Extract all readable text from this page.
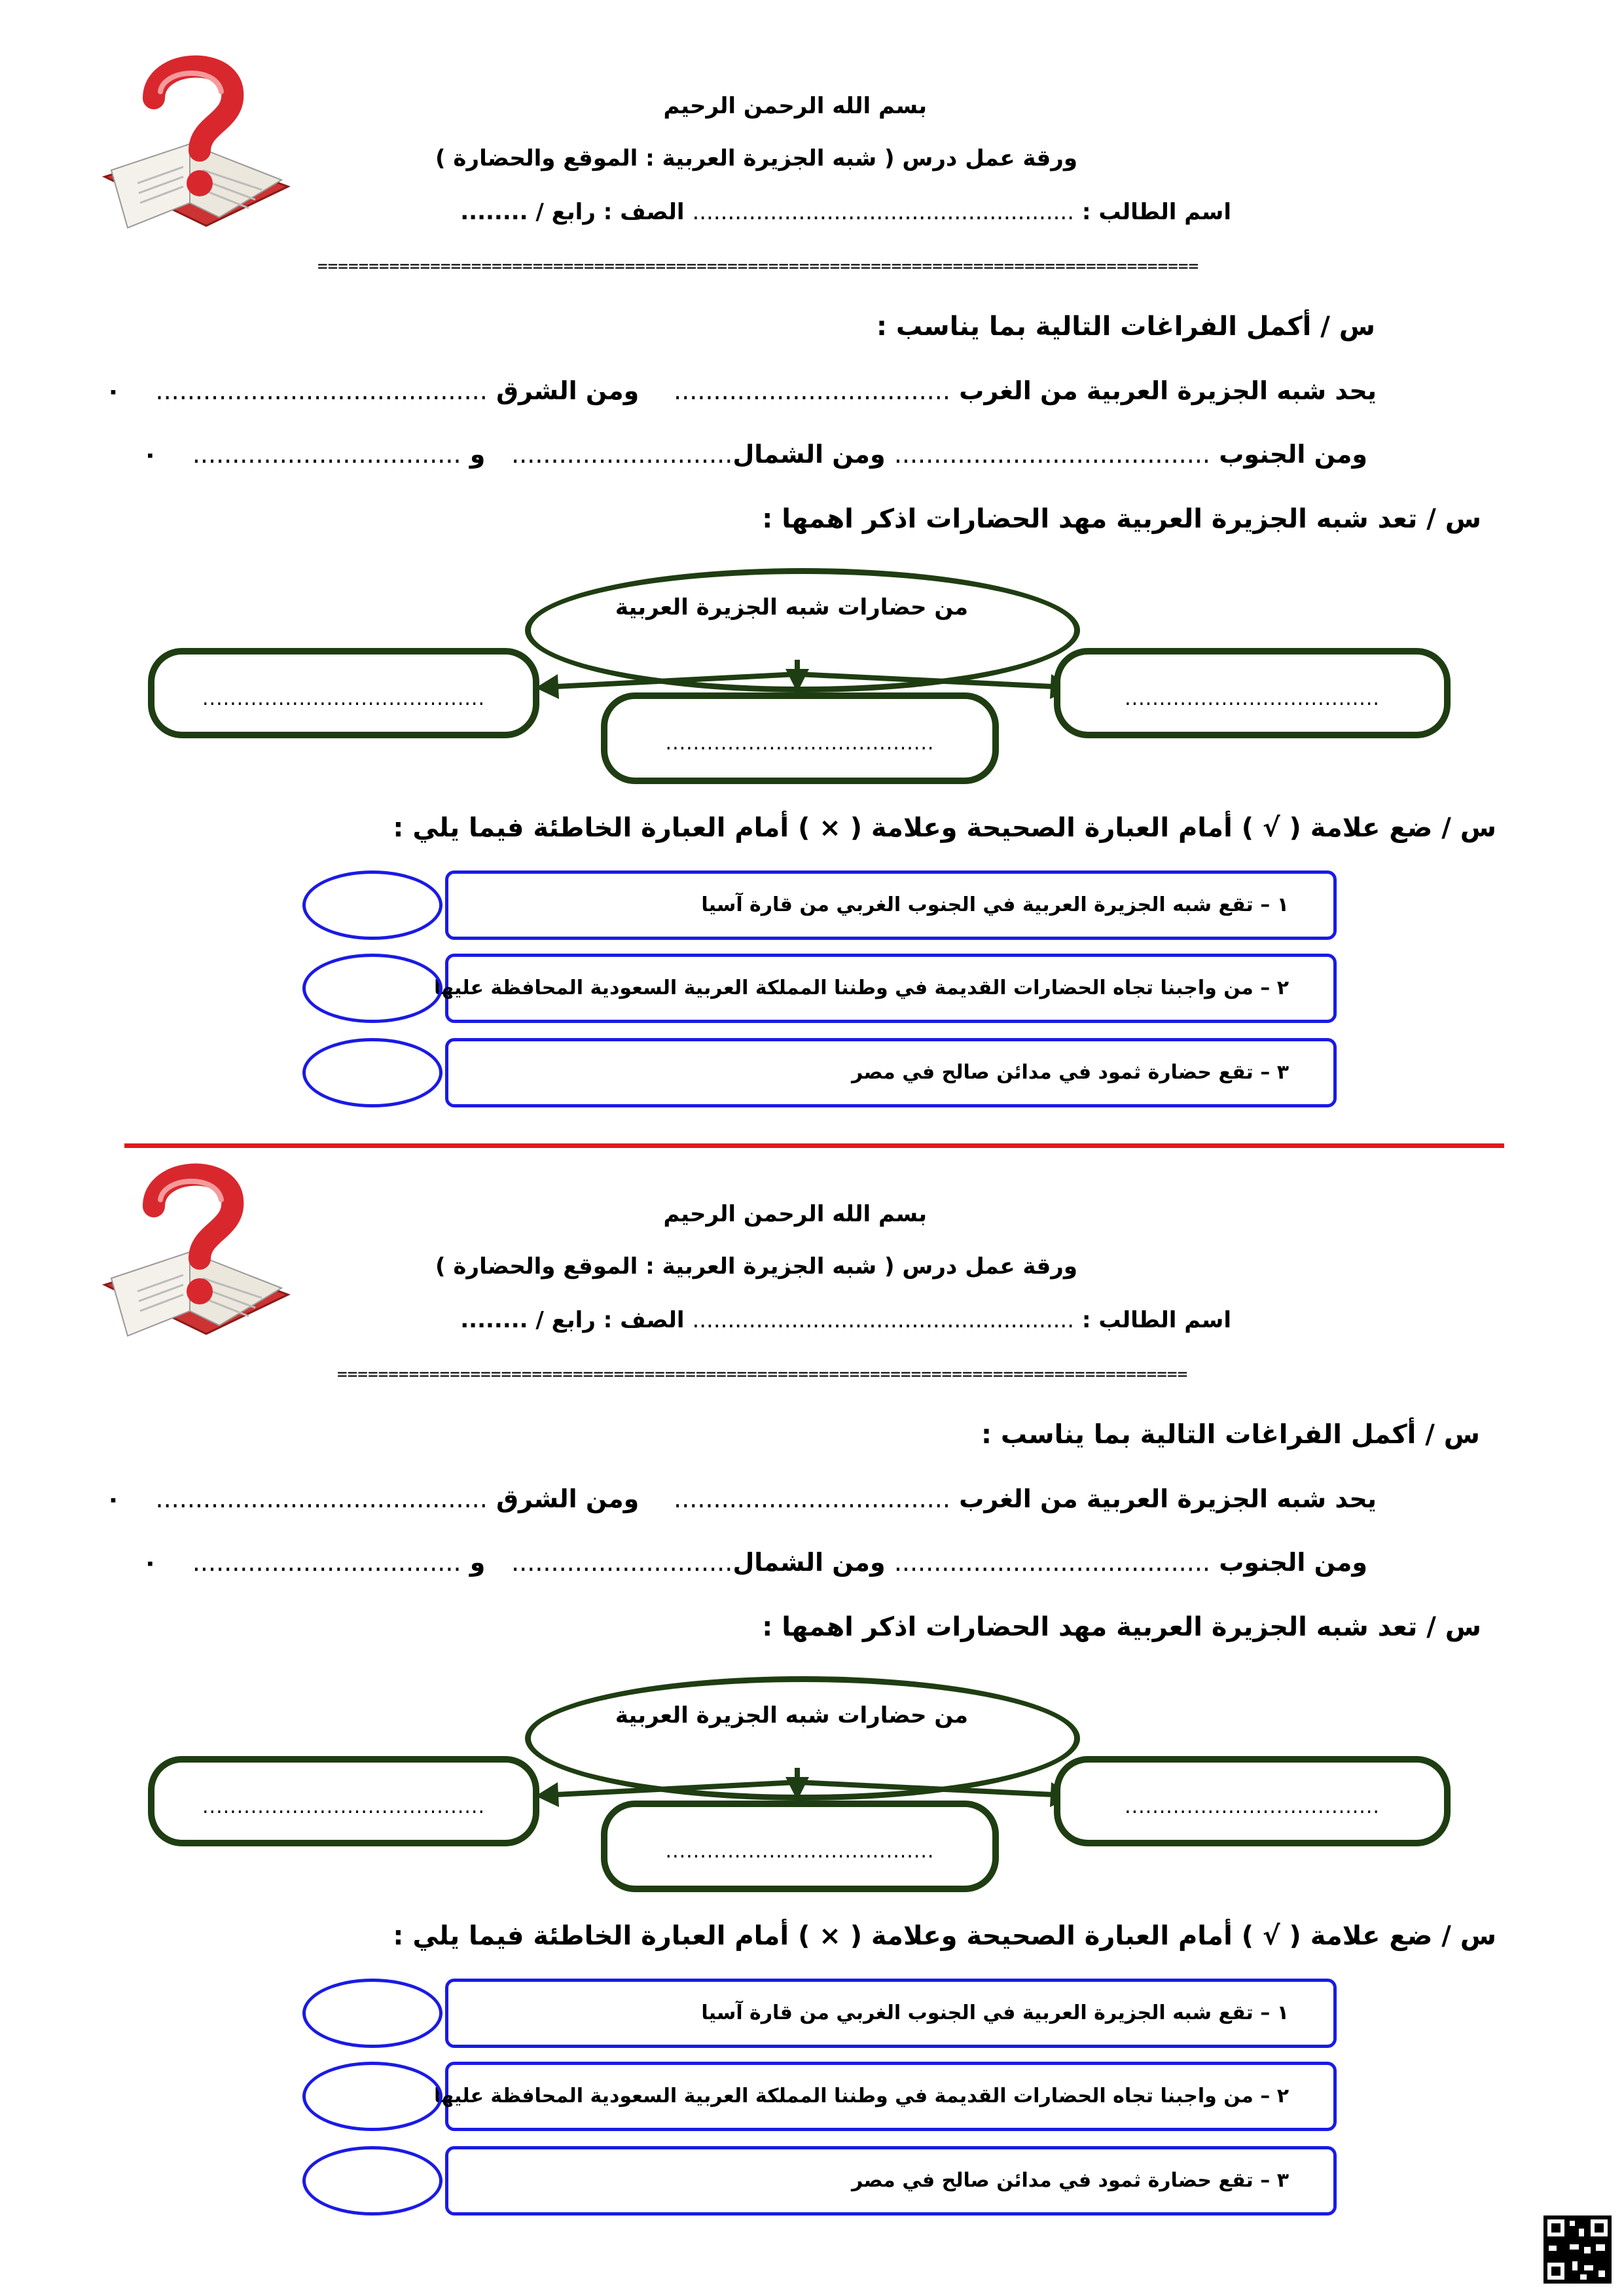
بسم الله الرحمن الرحيم
ورقة عمل درس ( شبه الجزيرة العربية : الموقع والحضارة )
اسم الطالب : ...................................................... الصف : رابع / ........
======================================================================================
س / أكمل الفراغات التالية بما يناسب :
يحد شبه الجزيرة العربية من الغرب ...................................    ومن الشرق ..........................................    ٠
ومن الجنوب ........................................ ومن الشمال............................   و ..................................    ٠
س / تعد شبه الجزيرة العربية مهد الحضارات اذكر اهمها :
من حضارات شبه الجزيرة العربية
.........................................
.......................................
.....................................
س / ضع علامة ( √ ) أمام العبارة الصحيحة وعلامة ( × ) أمام العبارة الخاطئة فيما يلي :
١ – تقع شبه الجزيرة العربية في الجنوب الغربي من قارة آسيا
٢ – من واجبنا تجاه الحضارات القديمة في وطننا المملكة العربية السعودية المحافظة عليها
٣ – تقع حضارة ثمود في مدائن صالح في مصر
بسم الله الرحمن الرحيم
ورقة عمل درس ( شبه الجزيرة العربية : الموقع والحضارة )
اسم الطالب : ...................................................... الصف : رابع / ........
===================================================================================
س / أكمل الفراغات التالية بما يناسب :
يحد شبه الجزيرة العربية من الغرب ...................................    ومن الشرق ..........................................    ٠
ومن الجنوب ........................................ ومن الشمال............................   و ..................................    ٠
س / تعد شبه الجزيرة العربية مهد الحضارات اذكر اهمها :
من حضارات شبه الجزيرة العربية
.........................................
.......................................
.....................................
س / ضع علامة ( √ ) أمام العبارة الصحيحة وعلامة ( × ) أمام العبارة الخاطئة فيما يلي :
١ – تقع شبه الجزيرة العربية في الجنوب الغربي من قارة آسيا
٢ – من واجبنا تجاه الحضارات القديمة في وطننا المملكة العربية السعودية المحافظة عليها
٣ – تقع حضارة ثمود في مدائن صالح في مصر
